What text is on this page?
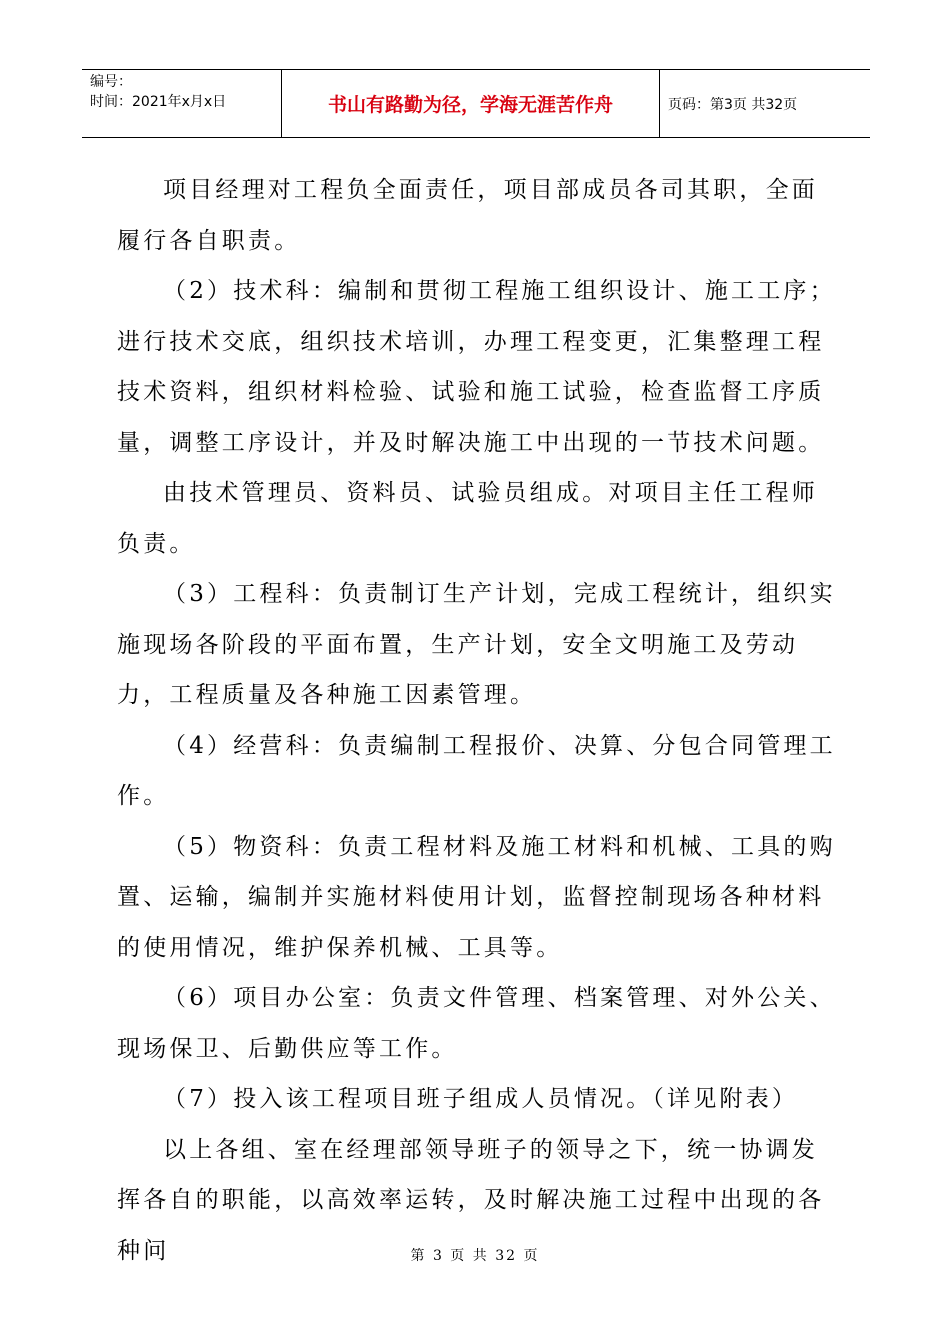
编号：
时间：2021年x月x日	书山有路勤为径，学海无涯苦作舟	页码：第3页 共32页

项目经理对工程负全面责任，项目部成员各司其职，全面履行各自职责。

（2）技术科：编制和贯彻工程施工组织设计、施工工序；进行技术交底，组织技术培训，办理工程变更，汇集整理工程技术资料，组织材料检验、试验和施工试验，检查监督工序质量，调整工序设计，并及时解决施工中出现的一节技术问题。

由技术管理员、资料员、试验员组成。对项目主任工程师负责。

（3）工程科：负责制订生产计划，完成工程统计，组织实施现场各阶段的平面布置，生产计划，安全文明施工及劳动力，工程质量及各种施工因素管理。

（4）经营科：负责编制工程报价、决算、分包合同管理工作。

（5）物资科：负责工程材料及施工材料和机械、工具的购置、运输，编制并实施材料使用计划，监督控制现场各种材料的使用情况，维护保养机械、工具等。

（6）项目办公室：负责文件管理、档案管理、对外公关、现场保卫、后勤供应等工作。

（7）投入该工程项目班子组成人员情况。（详见附表）

以上各组、室在经理部领导班子的领导之下，统一协调发挥各自的职能，以高效率运转，及时解决施工过程中出现的各种问	第 3 页 共 32 页
